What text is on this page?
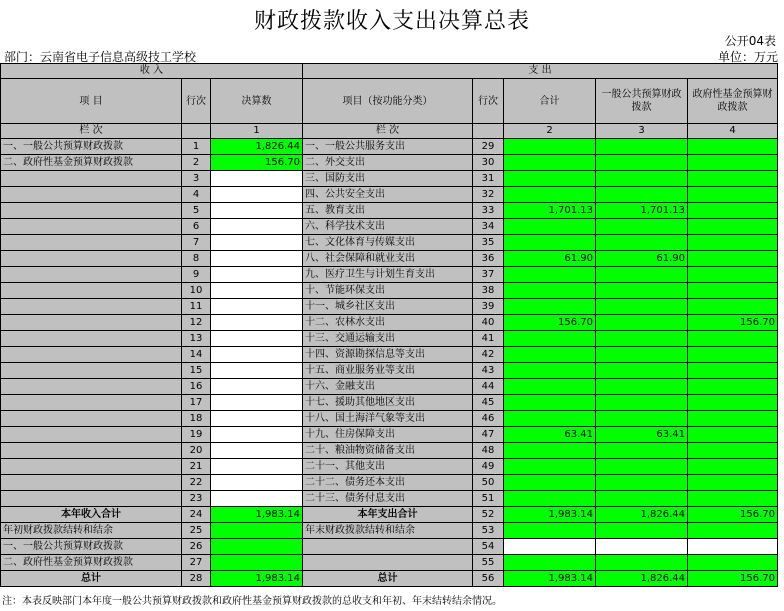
财政拨款收入支出决算总表
公开04表
部门：云南省电子信息高级技工学校	单位：万元
收 入			支 出				
项 目	行次	决算数	项目（按功能分类）	行次	合计	一般公共预算财政拨款	政府性基金预算财政拨款
栏 次		1	栏 次		2	3	4
一、一般公共预算财政拨款	1	1,826.44	一、一般公共服务支出	29			
二、政府性基金预算财政拨款	2	156.70	二、外交支出	30			
	3		三、国防支出	31			
	4		四、公共安全支出	32			
	5		五、教育支出	33	1,701.13	1,701.13	
	6		六、科学技术支出	34			
	7		七、文化体育与传媒支出	35			
	8		八、社会保障和就业支出	36	61.90	61.90	
	9		九、医疗卫生与计划生育支出	37			
	10		十、节能环保支出	38			
	11		十一、城乡社区支出	39			
	12		十二、农林水支出	40	156.70		156.70
	13		十三、交通运输支出	41			
	14		十四、资源勘探信息等支出	42			
	15		十五、商业服务业等支出	43			
	16		十六、金融支出	44			
	17		十七、援助其他地区支出	45			
	18		十八、国土海洋气象等支出	46			
	19		十九、住房保障支出	47	63.41	63.41	
	20		二十、粮油物资储备支出	48			
	21		二十一、其他支出	49			
	22		二十二、债务还本支出	50			
	23		二十三、债务付息支出	51			
本年收入合计	24	1,983.14	本年支出合计	52	1,983.14	1,826.44	156.70
年初财政拨款结转和结余	25		年末财政拨款结转和结余	53			
一、一般公共预算财政拨款	26			54			
二、政府性基金预算财政拨款	27			55			
总计	28	1,983.14	总计	56	1,983.14	1,826.44	156.70
注：本表反映部门本年度一般公共预算财政拨款和政府性基金预算财政拨款的总收支和年初、年末结转结余情况。
